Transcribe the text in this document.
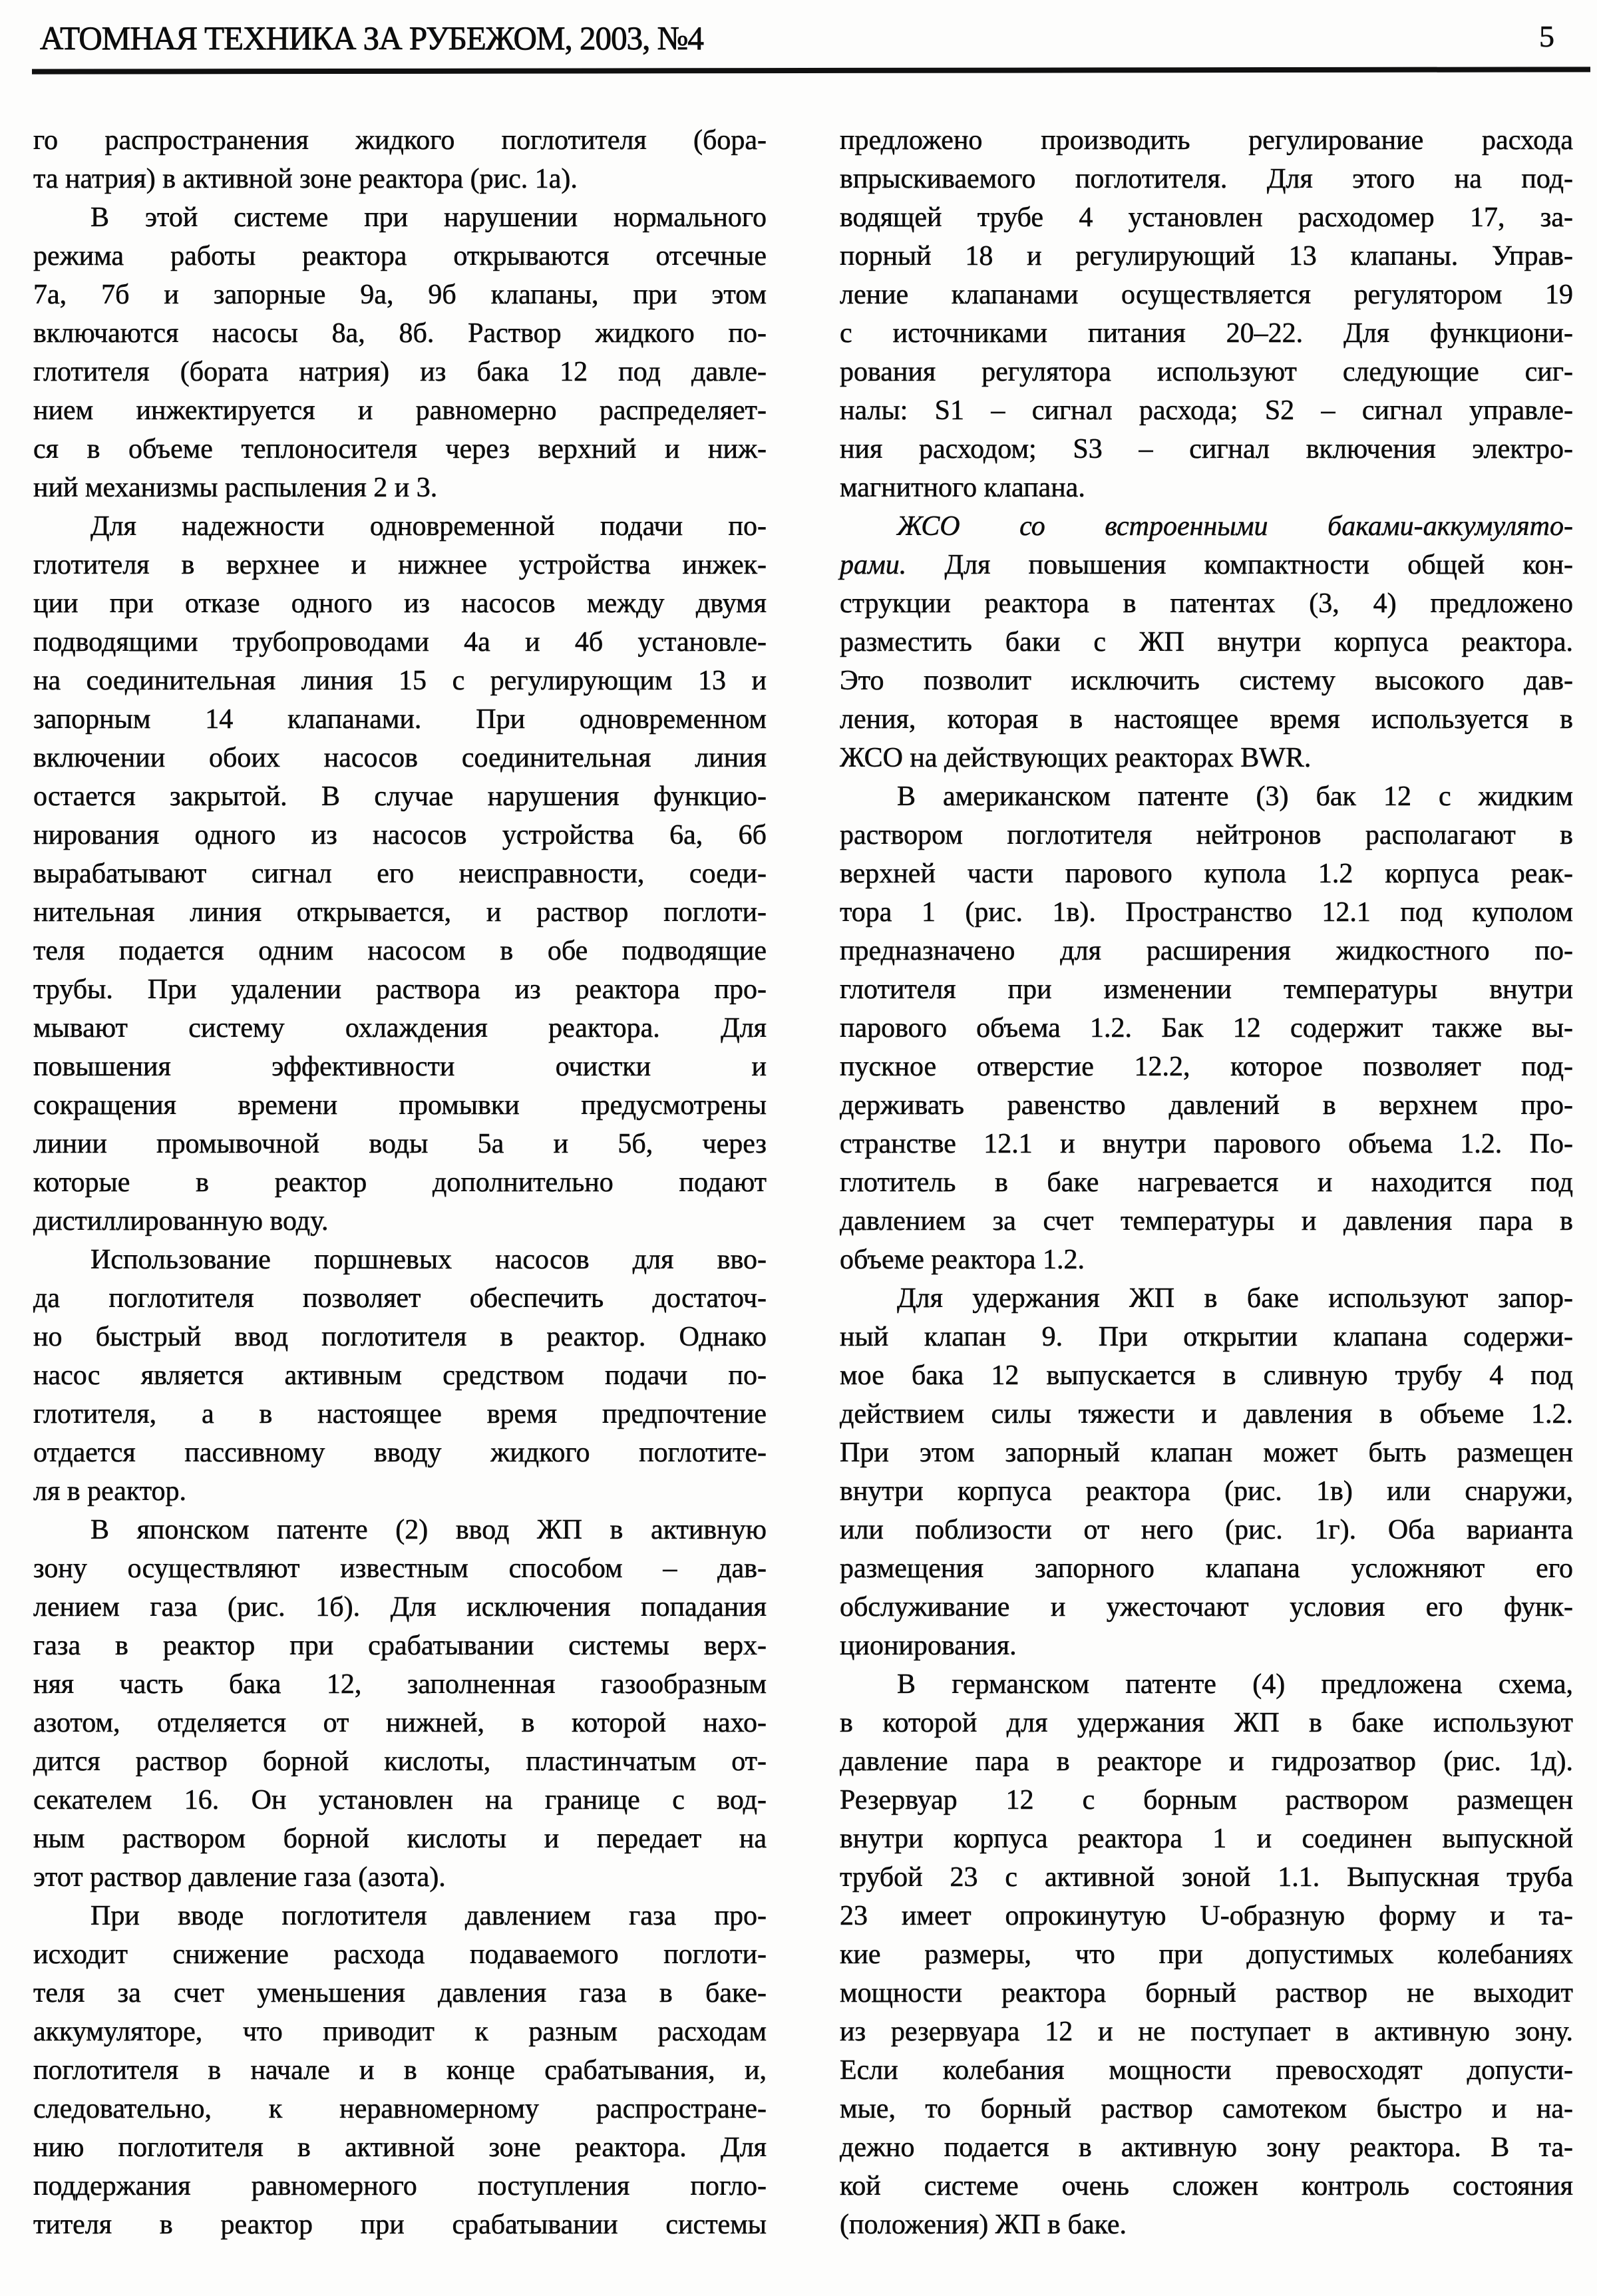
АТОМНАЯ ТЕХНИКА ЗА РУБЕЖОМ, 2003, №4	5
го распространения жидкого поглотителя (бора-
та натрия) в активной зоне реактора (рис. 1а).
В этой системе при нарушении нормального
режима работы реактора открываются отсечные
7а, 7б и запорные 9а, 9б клапаны, при этом
включаются насосы 8а, 8б. Раствор жидкого по-
глотителя (бората натрия) из бака 12 под давле-
нием инжектируется и равномерно распределяет-
ся в объеме теплоносителя через верхний и ниж-
ний механизмы распыления 2 и 3.
Для надежности одновременной подачи по-
глотителя в верхнее и нижнее устройства инжек-
ции при отказе одного из насосов между двумя
подводящими трубопроводами 4а и 4б установле-
на соединительная линия 15 с регулирующим 13 и
запорным 14 клапанами. При одновременном
включении обоих насосов соединительная линия
остается закрытой. В случае нарушения функцио-
нирования одного из насосов устройства 6а, 6б
вырабатывают сигнал его неисправности, соеди-
нительная линия открывается, и раствор поглоти-
теля подается одним насосом в обе подводящие
трубы. При удалении раствора из реактора про-
мывают систему охлаждения реактора. Для
повышения эффективности очистки и
сокращения времени промывки предусмотрены
линии промывочной воды 5а и 5б, через
которые в реактор дополнительно подают
дистиллированную воду.
Использование поршневых насосов для вво-
да поглотителя позволяет обеспечить достаточ-
но быстрый ввод поглотителя в реактор. Однако
насос является активным средством подачи по-
глотителя, а в настоящее время предпочтение
отдается пассивному вводу жидкого поглотите-
ля в реактор.
В японском патенте (2) ввод ЖП в активную
зону осуществляют известным способом – дав-
лением газа (рис. 1б). Для исключения попадания
газа в реактор при срабатывании системы верх-
няя часть бака 12, заполненная газообразным
азотом, отделяется от нижней, в которой нахо-
дится раствор борной кислоты, пластинчатым от-
секателем 16. Он установлен на границе с вод-
ным раствором борной кислоты и передает на
этот раствор давление газа (азота).
При вводе поглотителя давлением газа про-
исходит снижение расхода подаваемого поглоти-
теля за счет уменьшения давления газа в баке-
аккумуляторе, что приводит к разным расходам
поглотителя в начале и в конце срабатывания, и,
следовательно, к неравномерному распростране-
нию поглотителя в активной зоне реактора. Для
поддержания равномерного поступления погло-
тителя в реактор при срабатывании системы
предложено производить регулирование расхода
впрыскиваемого поглотителя. Для этого на под-
водящей трубе 4 установлен расходомер 17, за-
порный 18 и регулирующий 13 клапаны. Управ-
ление клапанами осуществляется регулятором 19
с источниками питания 20–22. Для функциони-
рования регулятора используют следующие сиг-
налы: S1 – сигнал расхода; S2 – сигнал управле-
ния расходом; S3 – сигнал включения электро-
магнитного клапана.
ЖСО со встроенными баками-аккумулято-
рами. Для повышения компактности общей кон-
струкции реактора в патентах (3, 4) предложено
разместить баки с ЖП внутри корпуса реактора.
Это позволит исключить систему высокого дав-
ления, которая в настоящее время используется в
ЖСО на действующих реакторах BWR.
В американском патенте (3) бак 12 с жидким
раствором поглотителя нейтронов располагают в
верхней части парового купола 1.2 корпуса реак-
тора 1 (рис. 1в). Пространство 12.1 под куполом
предназначено для расширения жидкостного по-
глотителя при изменении температуры внутри
парового объема 1.2. Бак 12 содержит также вы-
пускное отверстие 12.2, которое позволяет под-
держивать равенство давлений в верхнем про-
странстве 12.1 и внутри парового объема 1.2. По-
глотитель в баке нагревается и находится под
давлением за счет температуры и давления пара в
объеме реактора 1.2.
Для удержания ЖП в баке используют запор-
ный клапан 9. При открытии клапана содержи-
мое бака 12 выпускается в сливную трубу 4 под
действием силы тяжести и давления в объеме 1.2.
При этом запорный клапан может быть размещен
внутри корпуса реактора (рис. 1в) или снаружи,
или поблизости от него (рис. 1г). Оба варианта
размещения запорного клапана усложняют его
обслуживание и ужесточают условия его функ-
ционирования.
В германском патенте (4) предложена схема,
в которой для удержания ЖП в баке используют
давление пара в реакторе и гидрозатвор (рис. 1д).
Резервуар 12 с борным раствором размещен
внутри корпуса реактора 1 и соединен выпускной
трубой 23 с активной зоной 1.1. Выпускная труба
23 имеет опрокинутую U-образную форму и та-
кие размеры, что при допустимых колебаниях
мощности реактора борный раствор не выходит
из резервуара 12 и не поступает в активную зону.
Если колебания мощности превосходят допусти-
мые, то борный раствор самотеком быстро и на-
дежно подается в активную зону реактора. В та-
кой системе очень сложен контроль состояния
(положения) ЖП в баке.
